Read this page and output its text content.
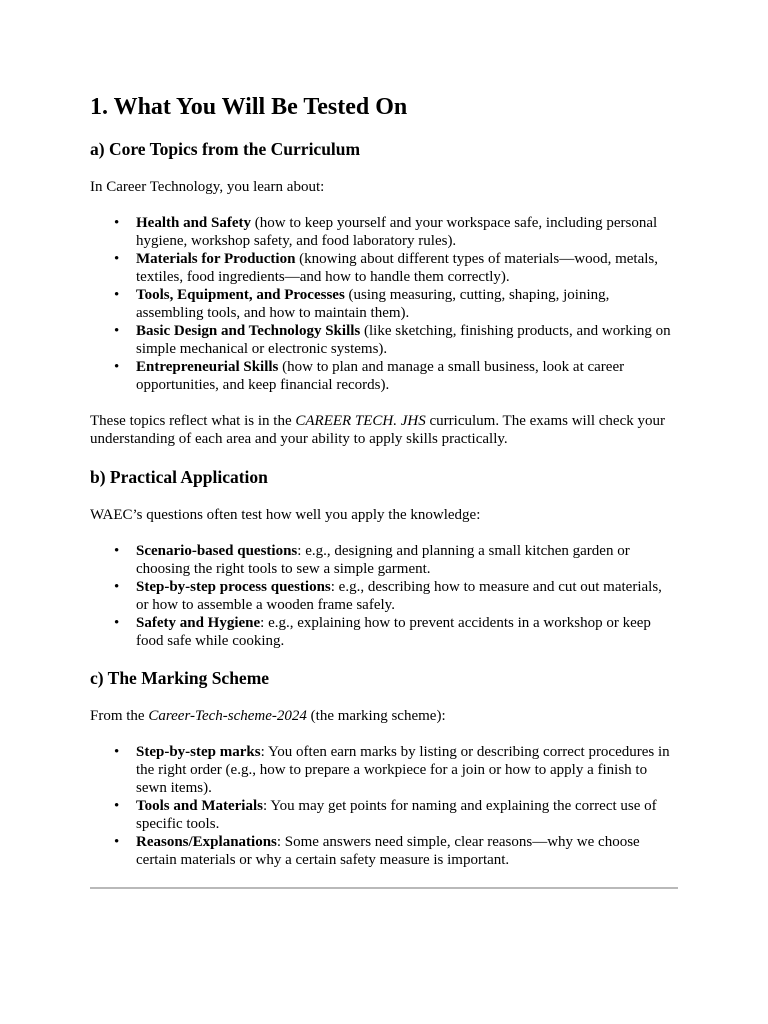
1. What You Will Be Tested On
a) Core Topics from the Curriculum

In Career Technology, you learn about:

• Health and Safety (how to keep yourself and your workspace safe, including personal hygiene, workshop safety, and food laboratory rules).
• Materials for Production (knowing about different types of materials—wood, metals, textiles, food ingredients—and how to handle them correctly).
• Tools, Equipment, and Processes (using measuring, cutting, shaping, joining, assembling tools, and how to maintain them).
• Basic Design and Technology Skills (like sketching, finishing products, and working on simple mechanical or electronic systems).
• Entrepreneurial Skills (how to plan and manage a small business, look at career opportunities, and keep financial records).

These topics reflect what is in the CAREER TECH. JHS curriculum. The exams will check your understanding of each area and your ability to apply skills practically.

b) Practical Application

WAEC’s questions often test how well you apply the knowledge:

• Scenario-based questions: e.g., designing and planning a small kitchen garden or choosing the right tools to sew a simple garment.
• Step-by-step process questions: e.g., describing how to measure and cut out materials, or how to assemble a wooden frame safely.
• Safety and Hygiene: e.g., explaining how to prevent accidents in a workshop or keep food safe while cooking.
c) The Marking Scheme

From the Career-Tech-scheme-2024 (the marking scheme):

• Step-by-step marks: You often earn marks by listing or describing correct procedures in the right order (e.g., how to prepare a workpiece for a join or how to apply a finish to sewn items).
• Tools and Materials: You may get points for naming and explaining the correct use of specific tools.
• Reasons/Explanations: Some answers need simple, clear reasons—why we choose certain materials or why a certain safety measure is important.
